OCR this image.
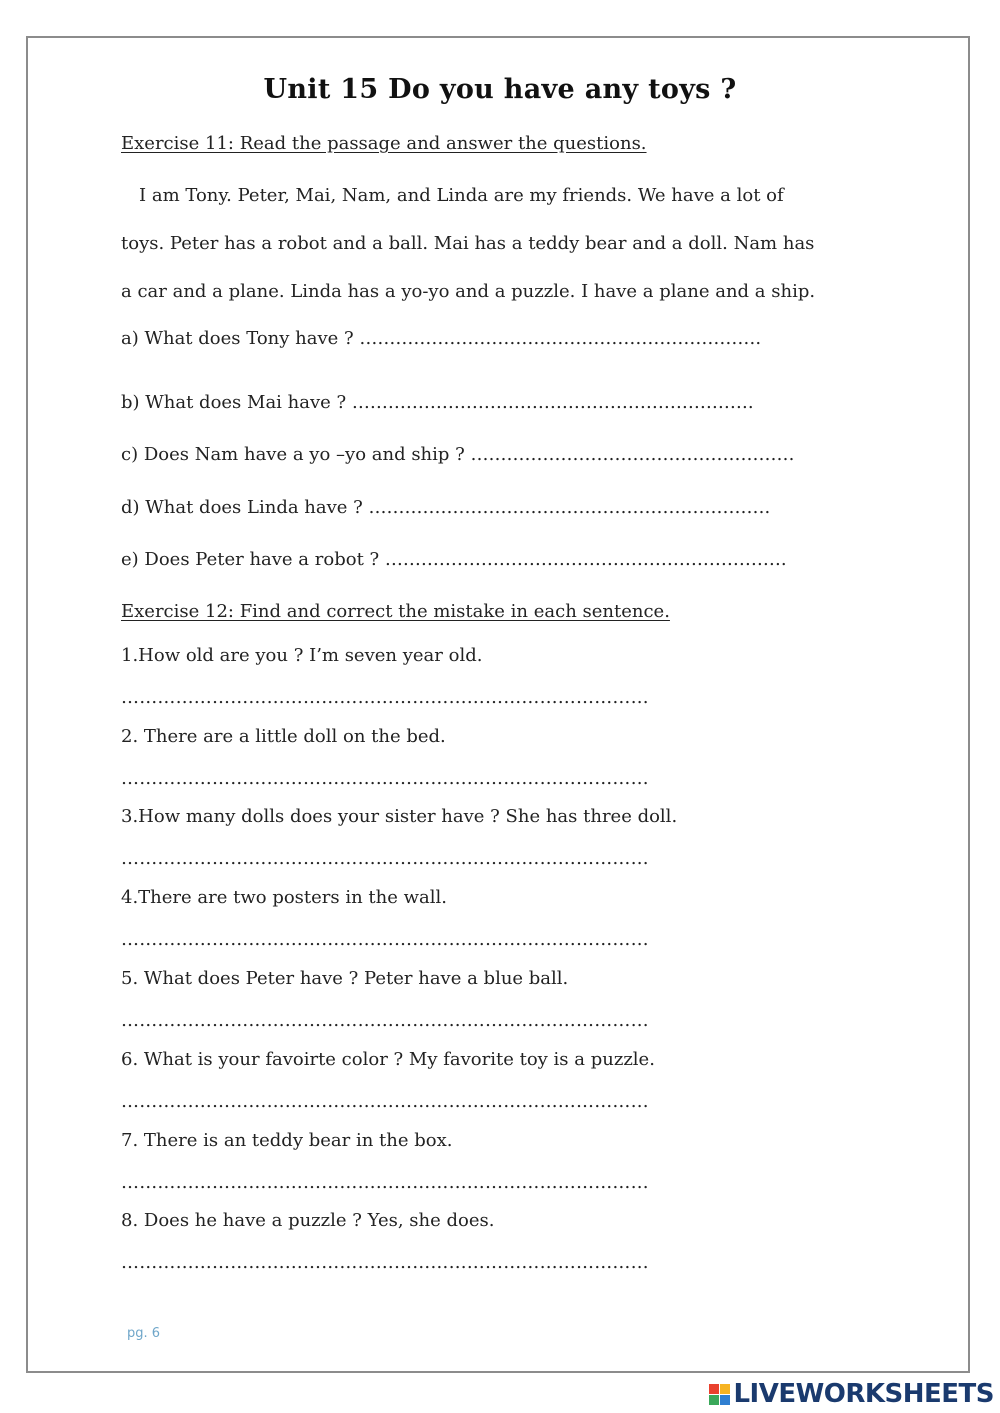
Unit 15 Do you have any toys ?
Exercise 11: Read the passage and answer the questions.
I am Tony. Peter, Mai, Nam, and Linda are my friends. We have a lot of
toys. Peter has a robot and a ball. Mai has a teddy bear and a doll. Nam has
a car and a plane. Linda has a yo-yo and a puzzle. I have a plane and a ship.
a) What does Tony have ? ………………………………………………………….
b) What does Mai have ? ………………………………………………………….
c) Does Nam have a yo –yo and ship ? ………………………………………………
d) What does Linda have ? ………………………………………………………….
e) Does Peter have a robot ? ………………………………………………………….
Exercise 12: Find and correct the mistake in each sentence.
1.How old are you ? I’m seven year old.
……………………………………………………………………………
2. There are a little doll on the bed.
……………………………………………………………………………
3.How many dolls does your sister have ? She has three doll.
……………………………………………………………………………
4.There are two posters in the wall.
……………………………………………………………………………
5. What does Peter have ? Peter have a blue ball.
……………………………………………………………………………
6. What is your favoirte color ? My favorite toy is a puzzle.
……………………………………………………………………………
7. There is an teddy bear in the box.
……………………………………………………………………………
8. Does he have a puzzle ? Yes, she does.
……………………………………………………………………………
pg. 6
LIVEWORKSHEETS
